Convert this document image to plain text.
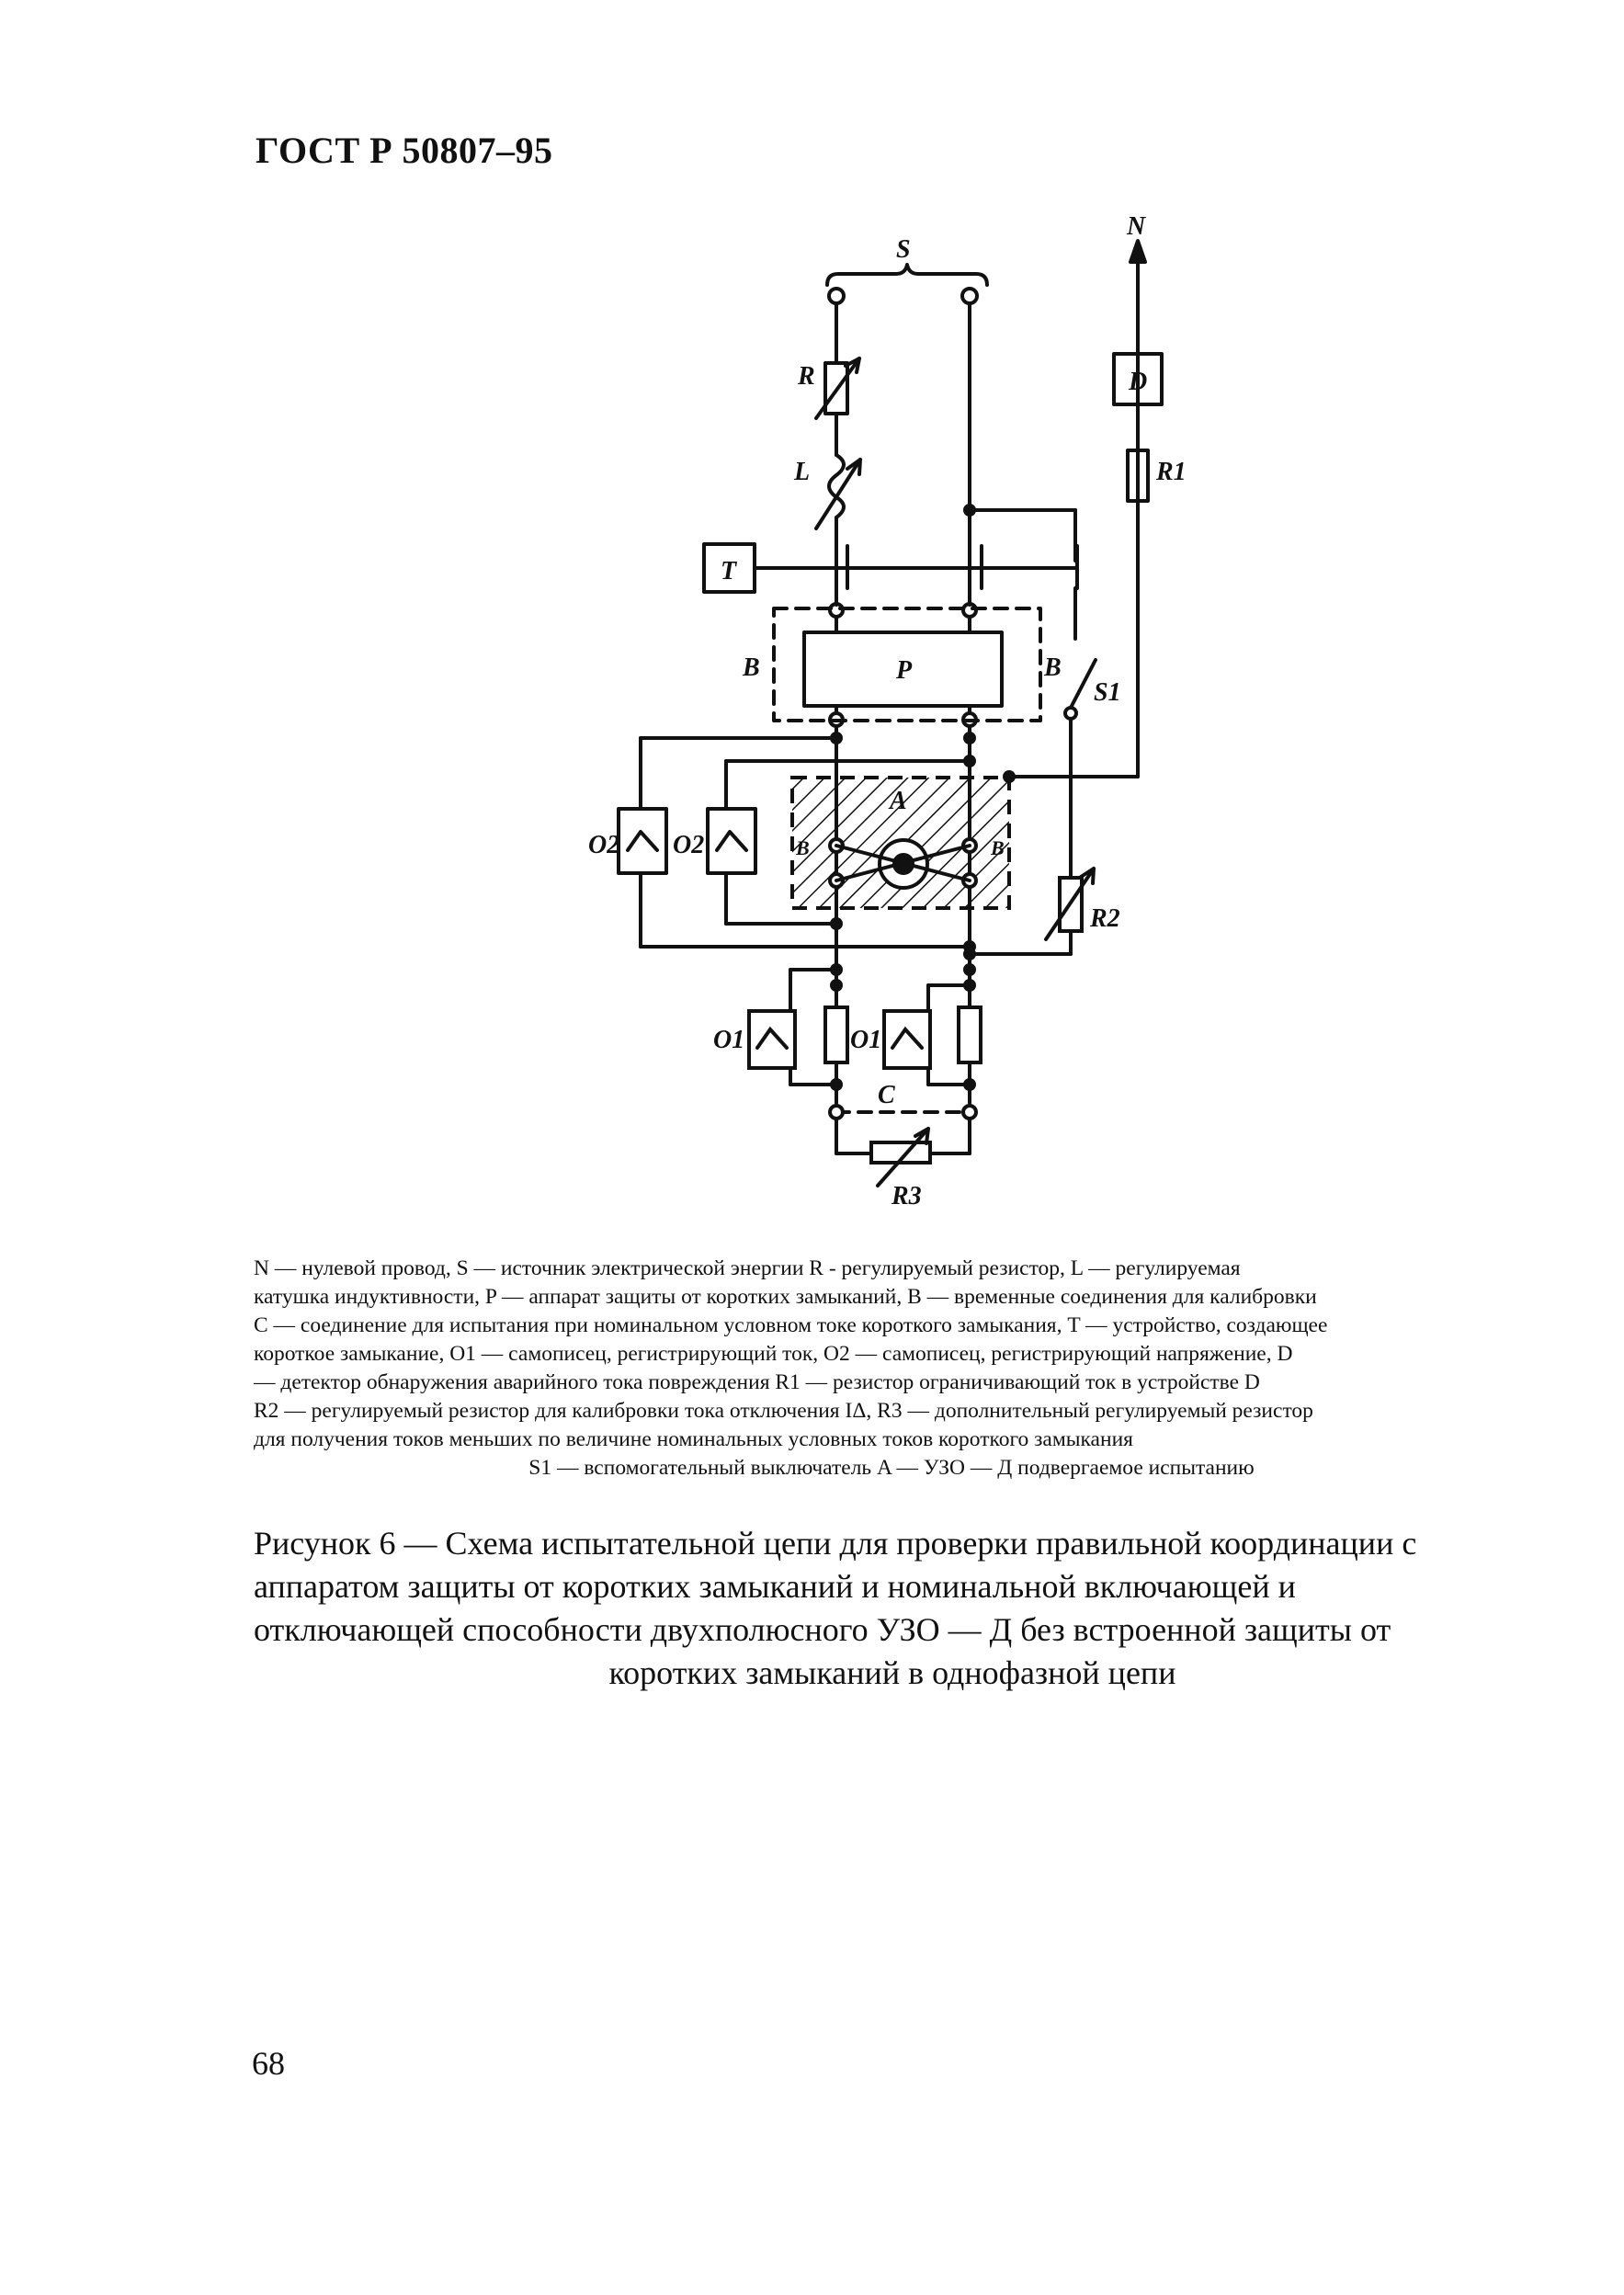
ГОСТ Р 50807–95
S
N
R
L
T
P
D
R1
S1
B	B
A
B	B
O2 O2
R2
O1	O1
C
R3
N — нулевой провод, S — источник электрической энергии R - регулируемый резистор, L — регулируемая
катушка индуктивности, P — аппарат защиты от коротких замыканий, B — временные соединения для калибровки
C — соединение для испытания при номинальном условном токе короткого замыкания, T — устройство, создающее
короткое замыкание, O1 — самописец, регистрирующий ток, O2 — самописец, регистрирующий напряжение, D
— детектор обнаружения аварийного тока повреждения R1 — резистор ограничивающий ток в устройстве D
R2 — регулируемый резистор для калибровки тока отключения IΔ, R3 — дополнительный регулируемый резистор
для получения токов меньших по величине номинальных условных токов короткого замыкания
S1 — вспомогательный выключатель A — УЗО — Д подвергаемое испытанию
Рисунок 6 — Схема испытательной цепи для проверки правильной координации с
аппаратом защиты от коротких замыканий и номинальной включающей и
отключающей способности двухполюсного УЗО — Д без встроенной защиты от
коротких замыканий в однофазной цепи
68
